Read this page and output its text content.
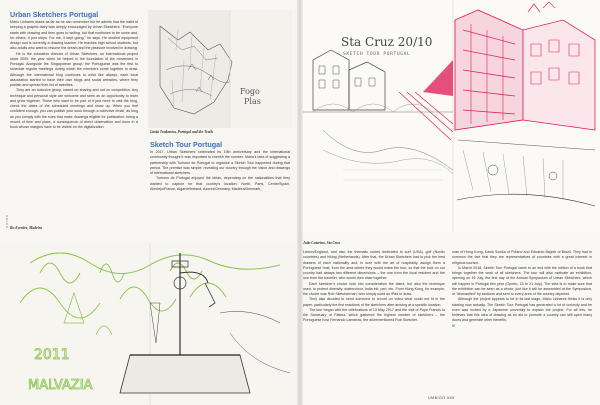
nemo
Urban Sketchers Portugal

Mário Linhares draws as far as he can remember but he admits that the habit of keeping a graphic diary was deeply encouraged by Urban Sketchers. “Everyone starts with drawing and then goes to writing, but that continues to be some and, for others, it just stops. For me, it kept going,” he says. He studied equipment design and is currently a drawing teacher. He teaches high school students, but also adults who want to resume the dream and the pleasure involved in drawing.

He is the education director of Urban Sketchers, an international project since 2009, the year when he helped in the foundation of the movement in Portugal. Alongside the Singaporean group, the Portuguese was the first to schedule regular meetings during which the members come together to draw. Although the international blog continues to exist like always, each local association started to have their own blogs and social websites, where they publish and spread their list of activities.

They are an inclusive group, based on sharing and not on competition. Any technique and personal style are welcome and seen as an opportunity to learn and grow together. Those who want to be part of it just need to visit the blog, check the dates of the scheduled meetings and show up. When you feel confident enough, you can publish your work through a collective email, as long as you comply with the rules that make drawings eligible for publication: being a record of time and place, a consequence of direct observation and done in a book whose margins have to be visible on the digitalization.

Fogo
Plas
Linda Toukonisa, Portugal and the Trails
Sketch Tour Portugal

In 2017, Urban Sketchers celebrated its 10th anniversary and the international community thought it was important to cherish the number. Mário's idea of suggesting a partnership with Turismo de Portugal to organise a Sketch Tour happened during that period. The premise was simple: revealing our country through the vision and drawings of international sketchers.

Turismo de Portugal enjoyed the ideas, depending on the nationalities that they wanted to capture for that country's location: North, Paris, Center/Spain, Alentejo/France, Algarve/Ireland, Azores/Germany, Madeira/Denmark,

Ra Eyerdez, Madeira
Sta Cruz 20/10
SKETCH TOUR PORTUGAL
João Catarino, Sta Cruz
2011
MALVAZIA

Lisbon/England, and also the thematic routes dedicated to surf (USA), golf (Nordic countries) and hiking (Netherlands). After that, the Urban Sketchers had to pick the best drawers of each nationality and, in tune with the art of hospitality, assign them a Portuguese host, from the area where they would make the tour, so that the look on our country had always two different dimensions – the one from the local resident and the one from the traveller, who would then draw together.

Each sketcher's choice took into consideration the talent, but also the technique used, to protect diversity: watercolour, India ink, pen, etc. From Hong Kong, for example, the choice was Rob Sketcherman, who simply used an iPad to draw.

They also decided to send someone to record on video what could not fit in the paper, particularly the first reactions of the sketchers after arriving at a specific location.

The tour began with the celebrations of 13 May 2017 and the visit of Pope Francis to the Sanctuary of Fátima, which gathered the highest number of sketchers – the Portuguese host Fernando Lameiras, the aforementioned Rob Sketcher-

man of Hong Kong, Kasia Szolka of Poland and Eduardo Bajzek of Brazil. They had in common the fact that they are representatives of countries with a great interest in religious tourism.

In March 2018, Sketch Tour Portugal came to an end with the edition of a book that brings together the work of all sketchers. The tour will also motivate an exhibition, opening on 16 July, the first day of the Annual Symposium of Urban Sketchers, which will happen in Portugal this year (Oporto, 18 to 21 July). The idea is to make sure that the exhibition can be seen as a whole, just like it will be assembled at the Symposium, or “dismantled” by sections and sent to every area of the country depicted.

Although the project appears to be in its last stage, Mário Linhares thinks it is only starting now actually. The Sketch Tour Portugal has generated a lot of curiosity and he even was invited by a Japanese university to explain the project. For all this, he believes that this idea of drawing as an aid to promote a country can still open many doors and generate other benefits.

///
UMBIGO #65
